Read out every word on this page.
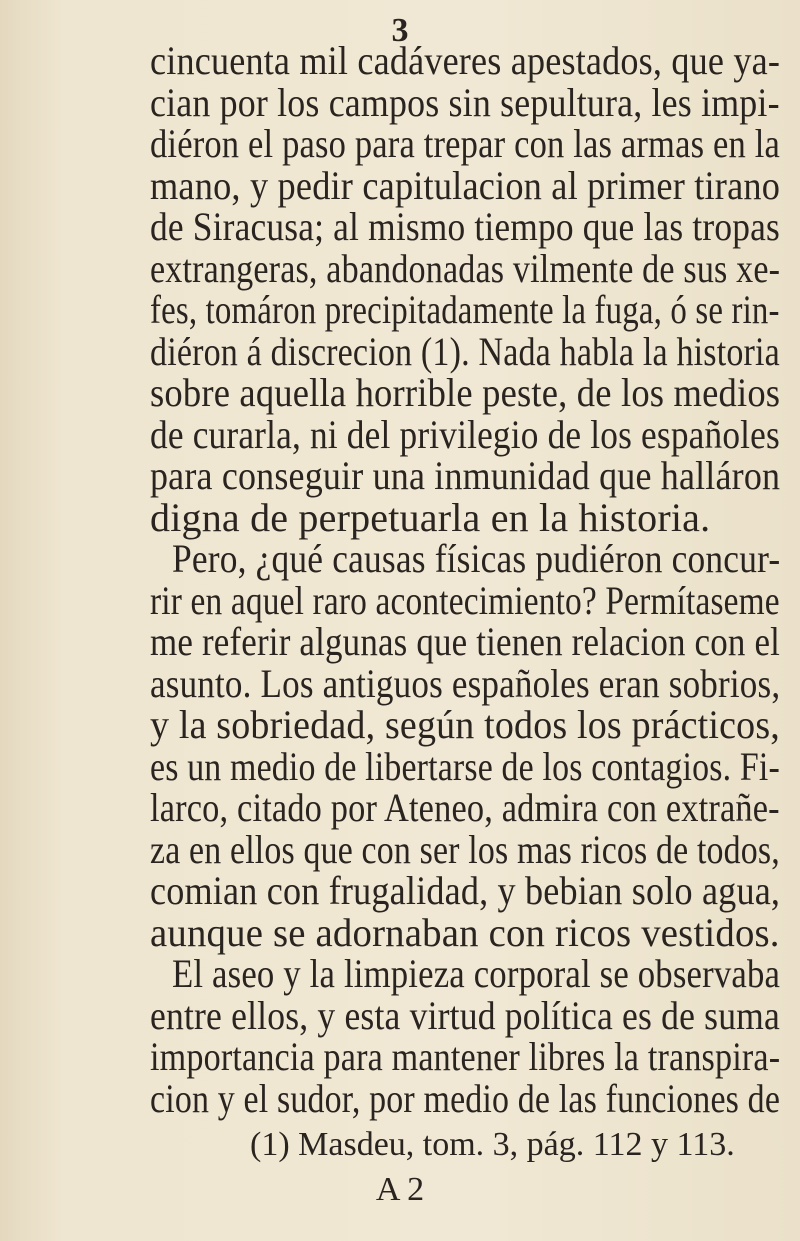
3
cincuenta mil cadáveres apestados, que ya-
cian por los campos sin sepultura, les impi-
diéron el paso para trepar con las armas en la
mano, y pedir capitulacion al primer tirano
de Siracusa; al mismo tiempo que las tropas
extrangeras, abandonadas vilmente de sus xe-
fes, tomáron precipitadamente la fuga, ó se rin-
diéron á discrecion (1). Nada habla la historia
sobre aquella horrible peste, de los medios
de curarla, ni del privilegio de los españoles
para conseguir una inmunidad que halláron
digna de perpetuarla en la historia.
Pero, ¿qué causas físicas pudiéron concur-
rir en aquel raro acontecimiento? Permítaseme
me referir algunas que tienen relacion con el
asunto. Los antiguos españoles eran sobrios,
y la sobriedad, según todos los prácticos,
es un medio de libertarse de los contagios. Fi-
larco, citado por Ateneo, admira con extrañe-
za en ellos que con ser los mas ricos de todos,
comian con frugalidad, y bebian solo agua,
aunque se adornaban con ricos vestidos.
El aseo y la limpieza corporal se observaba
entre ellos, y esta virtud política es de suma
importancia para mantener libres la transpira-
cion y el sudor, por medio de las funciones de
(1) Masdeu, tom. 3, pág. 112 y 113.
A 2
